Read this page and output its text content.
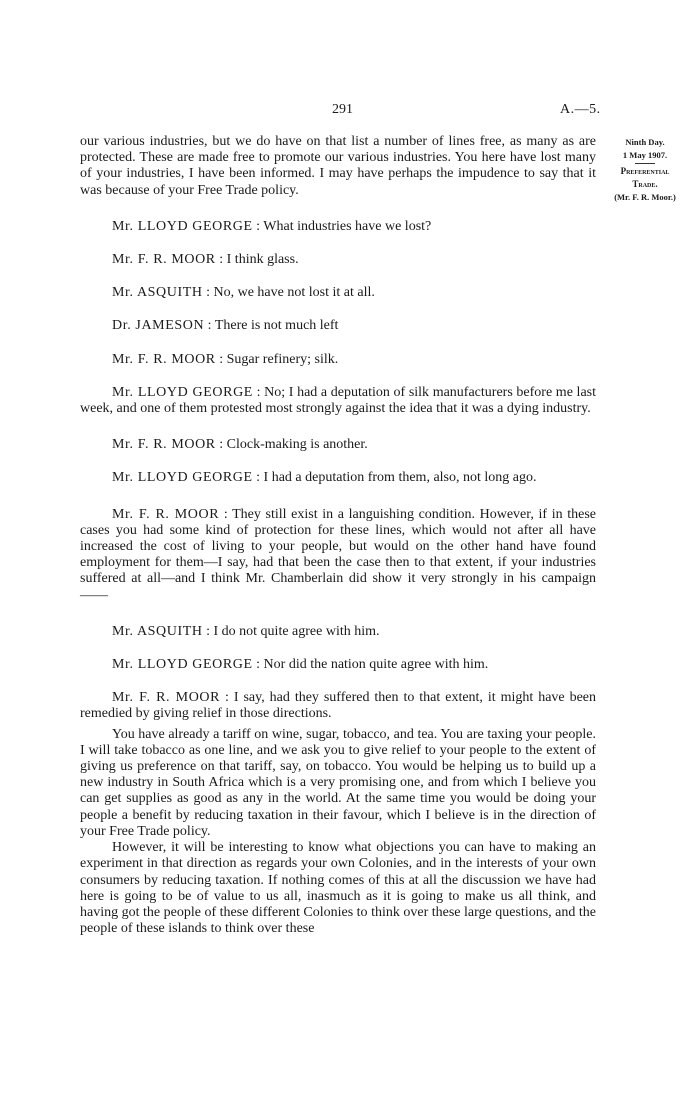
291	A.—5.
Ninth Day.
1 May 1907.
Preferential
Trade.
(Mr. F. R. Moor.)

our various industries, but we do have on that list a number of lines free, as many as are protected. These are made free to promote our various industries. You here have lost many of your industries, I have been informed. I may have perhaps the impudence to say that it was because of your Free Trade policy.

Mr. LLOYD GEORGE : What industries have we lost?

Mr. F. R. MOOR : I think glass.

Mr. ASQUITH : No, we have not lost it at all.

Dr. JAMESON : There is not much left

Mr. F. R. MOOR : Sugar refinery; silk.

Mr. LLOYD GEORGE : No; I had a deputation of silk manufacturers before me last week, and one of them protested most strongly against the idea that it was a dying industry.

Mr. F. R. MOOR : Clock-making is another.

Mr. LLOYD GEORGE : I had a deputation from them, also, not long ago.

Mr. F. R. MOOR : They still exist in a languishing condition. However, if in these cases you had some kind of protection for these lines, which would not after all have increased the cost of living to your people, but would on the other hand have found employment for them—I say, had that been the case then to that extent, if your industries suffered at all—and I think Mr. Chamberlain did show it very strongly in his campaign ——

Mr. ASQUITH : I do not quite agree with him.

Mr. LLOYD GEORGE : Nor did the nation quite agree with him.

Mr. F. R. MOOR : I say, had they suffered then to that extent, it might have been remedied by giving relief in those directions.

You have already a tariff on wine, sugar, tobacco, and tea. You are taxing your people. I will take tobacco as one line, and we ask you to give relief to your people to the extent of giving us preference on that tariff, say, on tobacco. You would be helping us to build up a new industry in South Africa which is a very promising one, and from which I believe you can get supplies as good as any in the world. At the same time you would be doing your people a benefit by reducing taxation in their favour, which I believe is in the direction of your Free Trade policy.

However, it will be interesting to know what objections you can have to making an experiment in that direction as regards your own Colonies, and in the interests of your own consumers by reducing taxation. If nothing comes of this at all the discussion we have had here is going to be of value to us all, inasmuch as it is going to make us all think, and having got the people of these different Colonies to think over these large questions, and the people of these islands to think over these
